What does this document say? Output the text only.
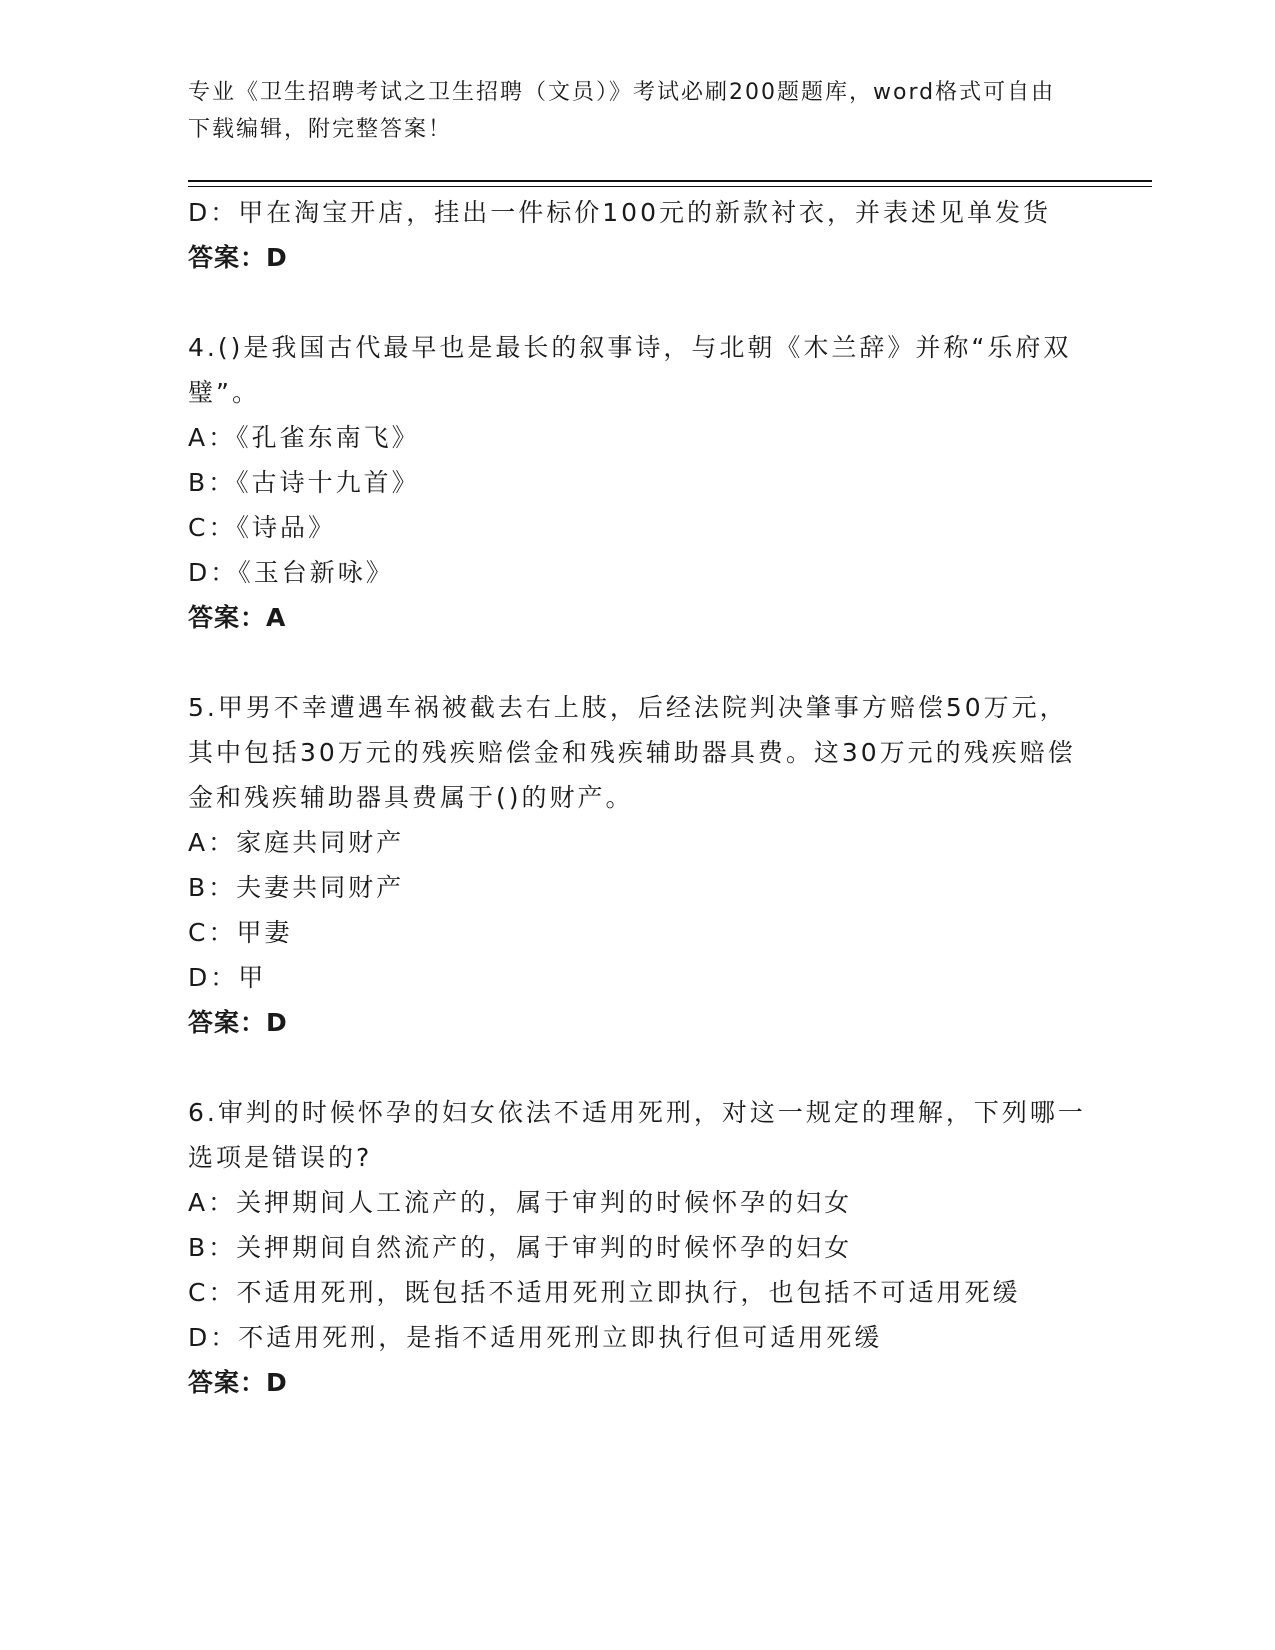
专业《卫生招聘考试之卫生招聘（文员）》考试必刷200题题库，word格式可自由下载编辑，附完整答案！
D：甲在淘宝开店，挂出一件标价100元的新款衬衣，并表述见单发货
答案：D
4.()是我国古代最早也是最长的叙事诗，与北朝《木兰辞》并称“乐府双璧”。
A：《孔雀东南飞》
B：《古诗十九首》
C：《诗品》
D：《玉台新咏》
答案：A
5.甲男不幸遭遇车祸被截去右上肢，后经法院判决肇事方赔偿50万元，其中包括30万元的残疾赔偿金和残疾辅助器具费。这30万元的残疾赔偿金和残疾辅助器具费属于()的财产。
A：家庭共同财产
B：夫妻共同财产
C：甲妻
D：甲
答案：D
6.审判的时候怀孕的妇女依法不适用死刑，对这一规定的理解，下列哪一选项是错误的?
A：关押期间人工流产的，属于审判的时候怀孕的妇女
B：关押期间自然流产的，属于审判的时候怀孕的妇女
C：不适用死刑，既包括不适用死刑立即执行，也包括不可适用死缓
D：不适用死刑，是指不适用死刑立即执行但可适用死缓
答案：D
